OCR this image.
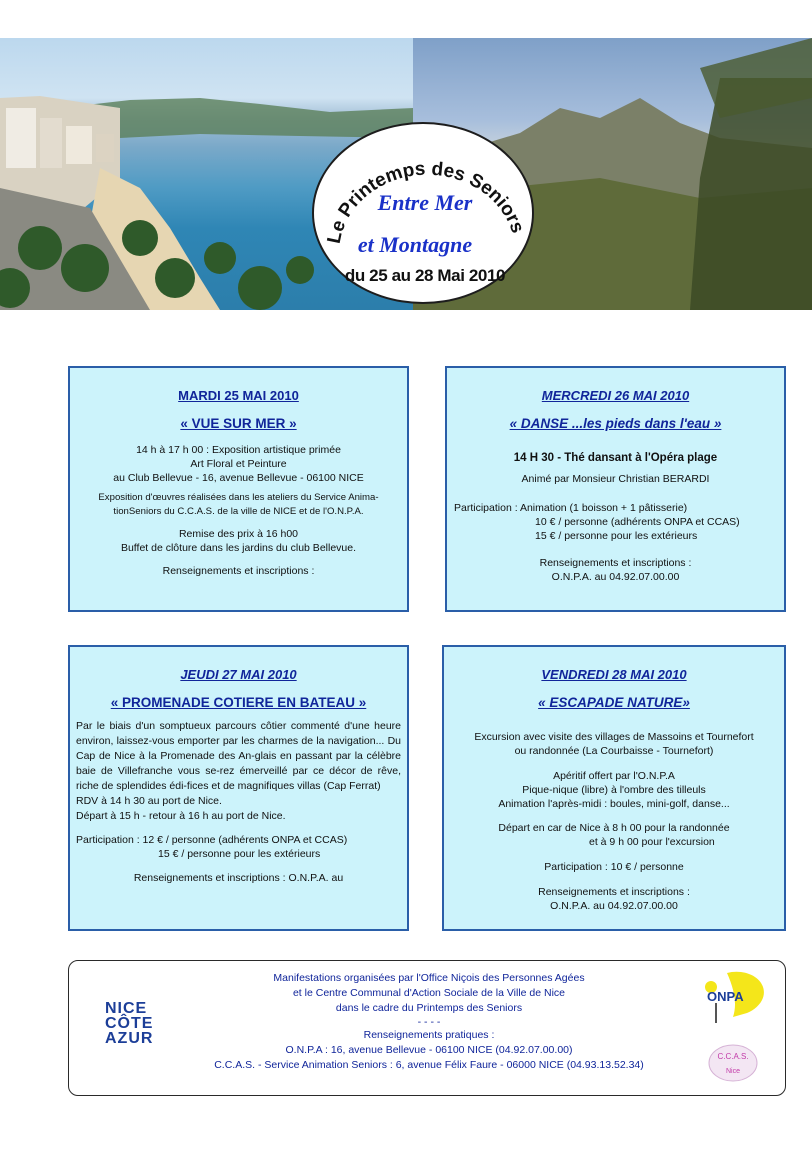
Le Printemps des Seniors
Entre Mer
et Montagne
du 25 au 28 Mai 2010
MARDI 25 MAI 2010
« VUE SUR MER »

14 h à 17 h 00 : Exposition artistique primée

Art Floral et Peinture

au Club Bellevue - 16, avenue Bellevue - 06100 NICE

Exposition d'œuvres réalisées dans les ateliers du Service Anima-

tionSeniors du C.C.A.S. de la ville de NICE et de l'O.N.P.A.

Remise des prix à 16 h00

Buffet de clôture dans les jardins du club Bellevue.

Renseignements et inscriptions :

MERCREDI 26 MAI 2010
« DANSE ...les pieds dans l'eau »

14 H 30 - Thé dansant à l'Opéra plage

Animé par Monsieur Christian BERARDI

Participation : Animation (1 boisson + 1 pâtisserie)

10 € / personne (adhérents ONPA et CCAS)

15 € / personne pour les extérieurs

Renseignements et inscriptions :

O.N.P.A. au 04.92.07.00.00

JEUDI 27 MAI 2010
« PROMENADE COTIERE EN BATEAU »

Par le biais d'un somptueux parcours côtier commenté d'une heure environ, laissez-vous emporter par les charmes de la navigation... Du Cap de Nice à la Promenade des An-glais en passant par la célèbre baie de Villefranche vous se-rez émerveillé par ce décor de rêve, riche de splendides édi-fices et de magnifiques villas (Cap Ferrat)

RDV à 14 h 30 au port de Nice.

Départ à 15 h - retour à 16 h au port de Nice.

Participation : 12 € / personne (adhérents ONPA et CCAS)

15 € / personne pour les extérieurs

Renseignements et inscriptions : O.N.P.A. au

VENDREDI 28 MAI 2010
« ESCAPADE NATURE»

Excursion avec visite des villages de Massoins et Tournefort

ou randonnée (La Courbaisse - Tournefort)

Apéritif offert par l'O.N.P.A

Pique-nique (libre) à l'ombre des tilleuls

Animation l'après-midi : boules, mini-golf, danse...

Départ en car de Nice à 8 h 00 pour la randonnée

et à 9 h 00 pour l'excursion

Participation : 10 € / personne

Renseignements et inscriptions :

O.N.P.A. au 04.92.07.00.00

NICE
CÔTE
AZUR

Manifestations organisées par l'Office Niçois des Personnes Agées

et le Centre Communal d'Action Sociale de la Ville de Nice

dans le cadre du Printemps des Seniors

- - - -

Renseignements pratiques :

O.N.P.A : 16, avenue Bellevue - 06100 NICE (04.92.07.00.00)

C.C.A.S. - Service Animation Seniors : 6, avenue Félix Faure - 06000 NICE (04.93.13.52.34)

ONPA
C.C.A.S.
Nice
